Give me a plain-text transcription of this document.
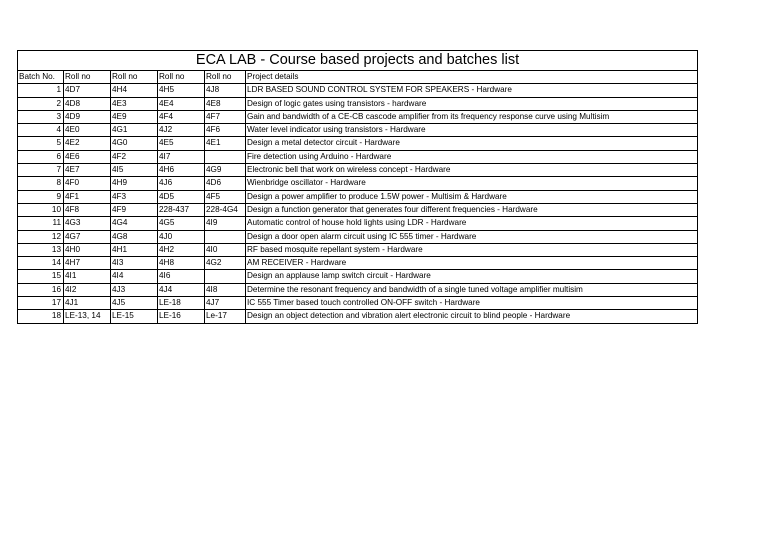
ECA LAB - Course based projects and batches list					
Batch No.	Roll no	Roll no	Roll no	Roll no	Project details
1	4D7	4H4	4H5	4J8	LDR BASED SOUND CONTROL SYSTEM FOR SPEAKERS - Hardware
2	4D8	4E3	4E4	4E8	Design of logic gates using transistors - hardware
3	4D9	4E9	4F4	4F7	Gain and bandwidth of a CE-CB cascode amplifier from its frequency response curve using Multisim
4	4E0	4G1	4J2	4F6	Water level indicator using transistors - Hardware
5	4E2	4G0	4E5	4E1	Design a metal detector circuit - Hardware
6	4E6	4F2	4I7		Fire detection using Arduino - Hardware
7	4E7	4I5	4H6	4G9	Electronic bell that work on wireless concept - Hardware
8	4F0	4H9	4J6	4D6	Wienbridge oscillator - Hardware
9	4F1	4F3	4D5	4F5	Design a power amplifier to produce 1.5W power - Multisim & Hardware
10	4F8	4F9	228-437	228-4G4	Design a function generator that generates four different frequencies - Hardware
11	4G3	4G4	4G5	4I9	Automatic control of house hold lights using LDR - Hardware
12	4G7	4G8	4J0		Design a door open alarm circuit using IC 555 timer - Hardware
13	4H0	4H1	4H2	4I0	RF based mosquite repellant system - Hardware
14	4H7	4I3	4H8	4G2	AM RECEIVER - Hardware
15	4I1	4I4	4I6		Design an applause lamp switch circuit - Hardware
16	4I2	4J3	4J4	4I8	Determine the resonant frequency and bandwidth of a single tuned voltage amplifier multisim
17	4J1	4J5	LE-18	4J7	IC 555 Timer based touch controlled ON-OFF switch - Hardware
18	LE-13, 14	LE-15	LE-16	Le-17	Design an object detection and vibration alert electronic circuit to blind people - Hardware
